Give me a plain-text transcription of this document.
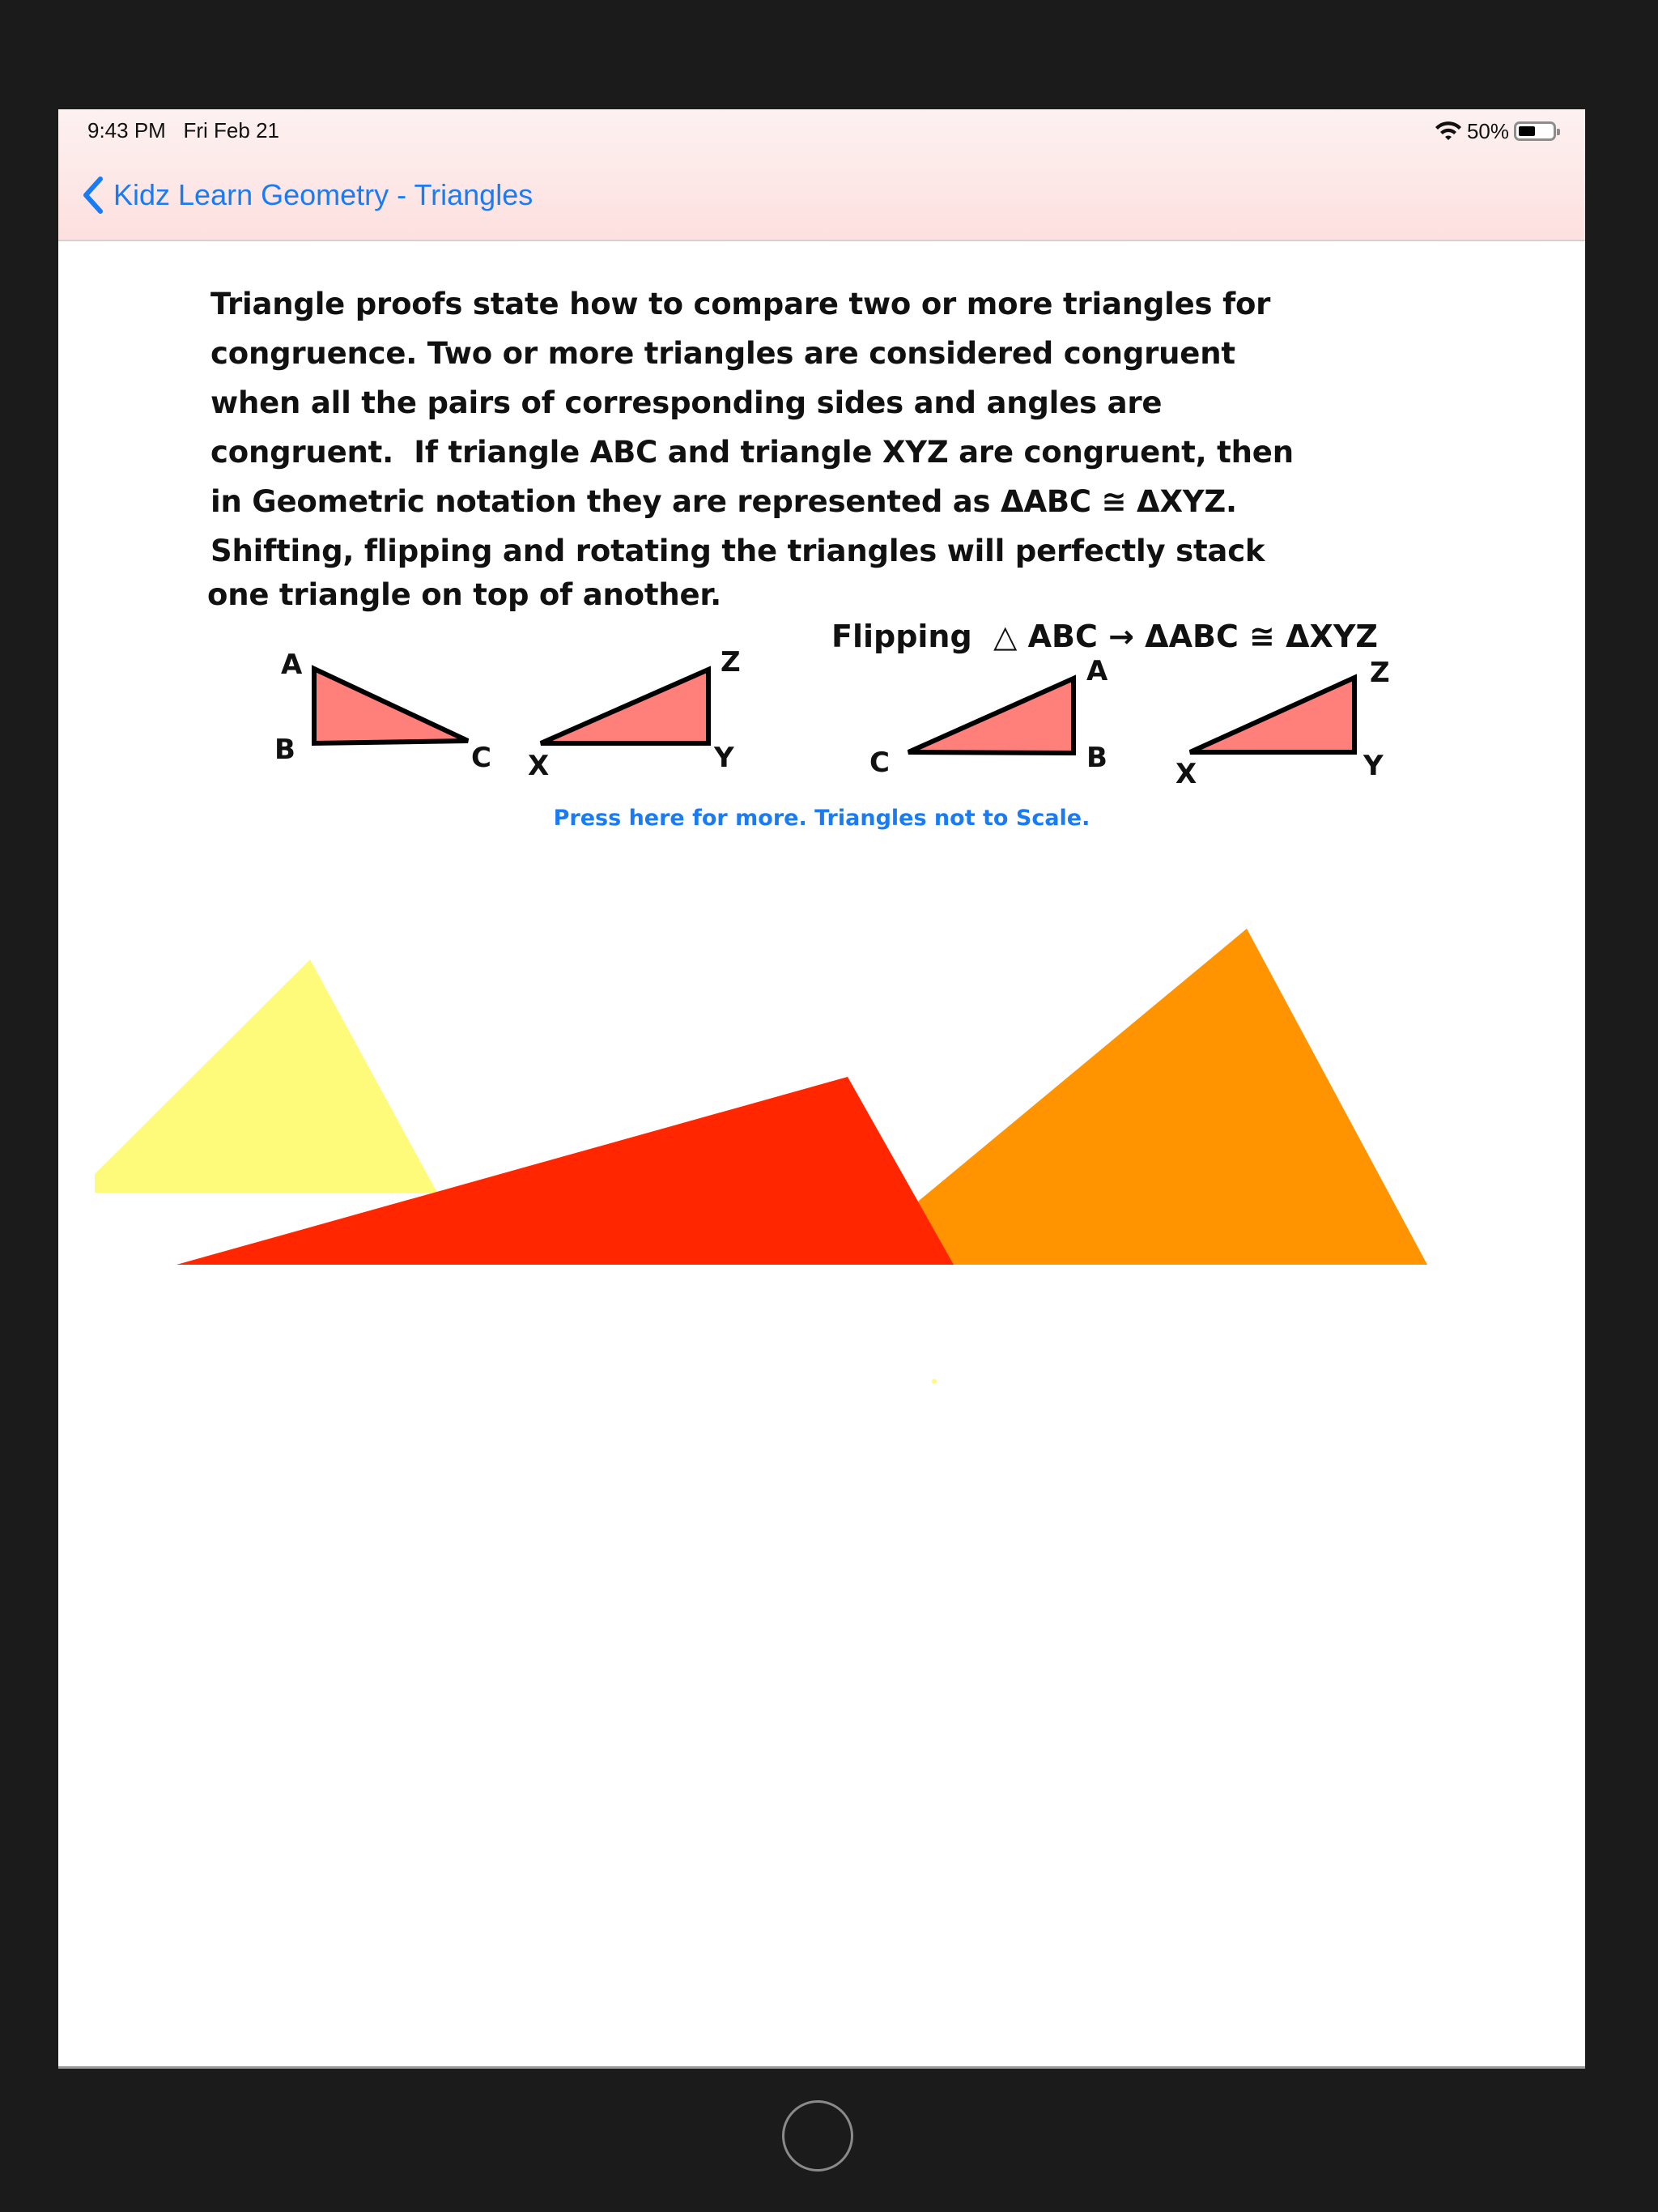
9:43 PM Fri Feb 21	50%
Kidz Learn Geometry - Triangles
Triangle proofs state how to compare two or more triangles for
congruence. Two or more triangles are considered congruent
when all the pairs of corresponding sides and angles are
congruent.  If triangle ABC and triangle XYZ are congruent, then
in Geometric notation they are represented as ΔABC ≅ ΔXYZ.
Shifting, flipping and rotating the triangles will perfectly stack
one triangle on top of another.
Flipping  △ ABC → ΔABC ≅ ΔXYZ
A
B	C
Z
Y
X
A
C	B
Z
X	Y
Press here for more. Triangles not to Scale.
